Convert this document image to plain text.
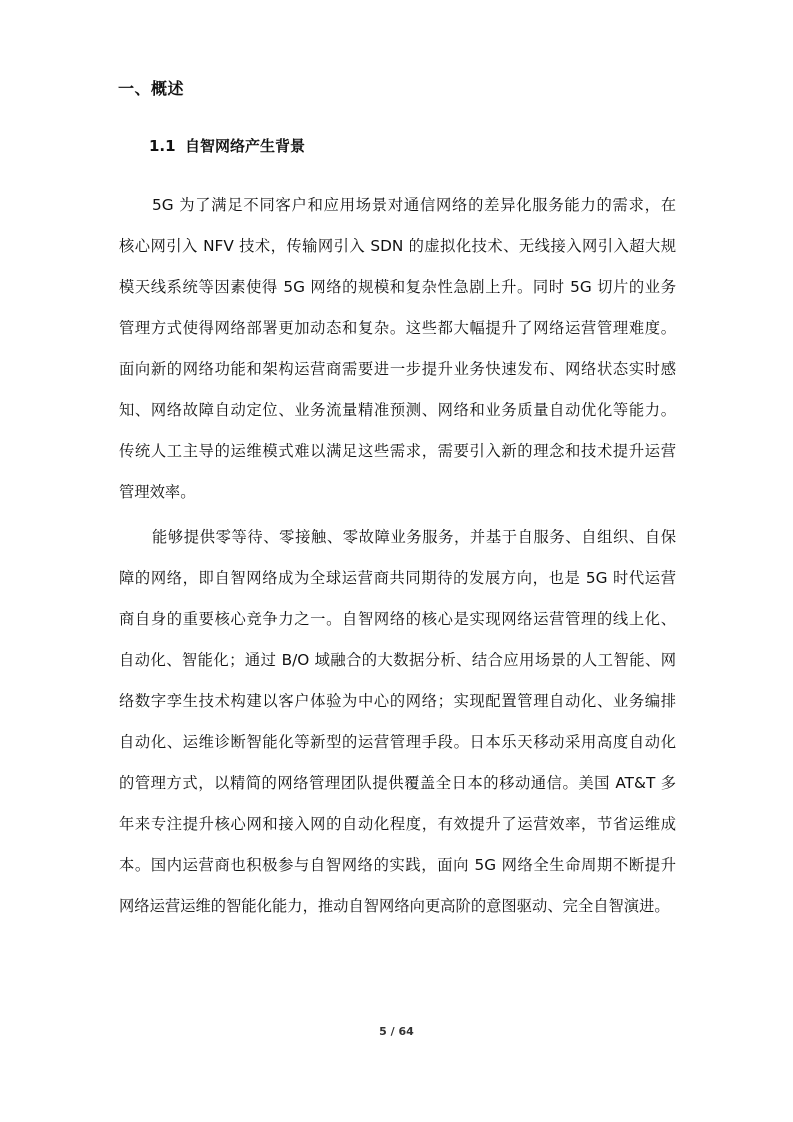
一、概述
1.1 自智网络产生背景
5G 为了满足不同客户和应用场景对通信网络的差异化服务能力的需求，在
核心网引入 NFV 技术，传输网引入 SDN 的虚拟化技术、无线接入网引入超大规
模天线系统等因素使得 5G 网络的规模和复杂性急剧上升。同时 5G 切片的业务
管理方式使得网络部署更加动态和复杂。这些都大幅提升了网络运营管理难度。
面向新的网络功能和架构运营商需要进一步提升业务快速发布、网络状态实时感
知、网络故障自动定位、业务流量精准预测、网络和业务质量自动优化等能力。
传统人工主导的运维模式难以满足这些需求，需要引入新的理念和技术提升运营
管理效率。
能够提供零等待、零接触、零故障业务服务，并基于自服务、自组织、自保
障的网络，即自智网络成为全球运营商共同期待的发展方向，也是 5G 时代运营
商自身的重要核心竞争力之一。自智网络的核心是实现网络运营管理的线上化、
自动化、智能化；通过 B/O 域融合的大数据分析、结合应用场景的人工智能、网
络数字孪生技术构建以客户体验为中心的网络；实现配置管理自动化、业务编排
自动化、运维诊断智能化等新型的运营管理手段。日本乐天移动采用高度自动化
的管理方式，以精简的网络管理团队提供覆盖全日本的移动通信。美国 AT&T 多
年来专注提升核心网和接入网的自动化程度，有效提升了运营效率，节省运维成
本。国内运营商也积极参与自智网络的实践，面向 5G 网络全生命周期不断提升
网络运营运维的智能化能力，推动自智网络向更高阶的意图驱动、完全自智演进。
5 / 64
